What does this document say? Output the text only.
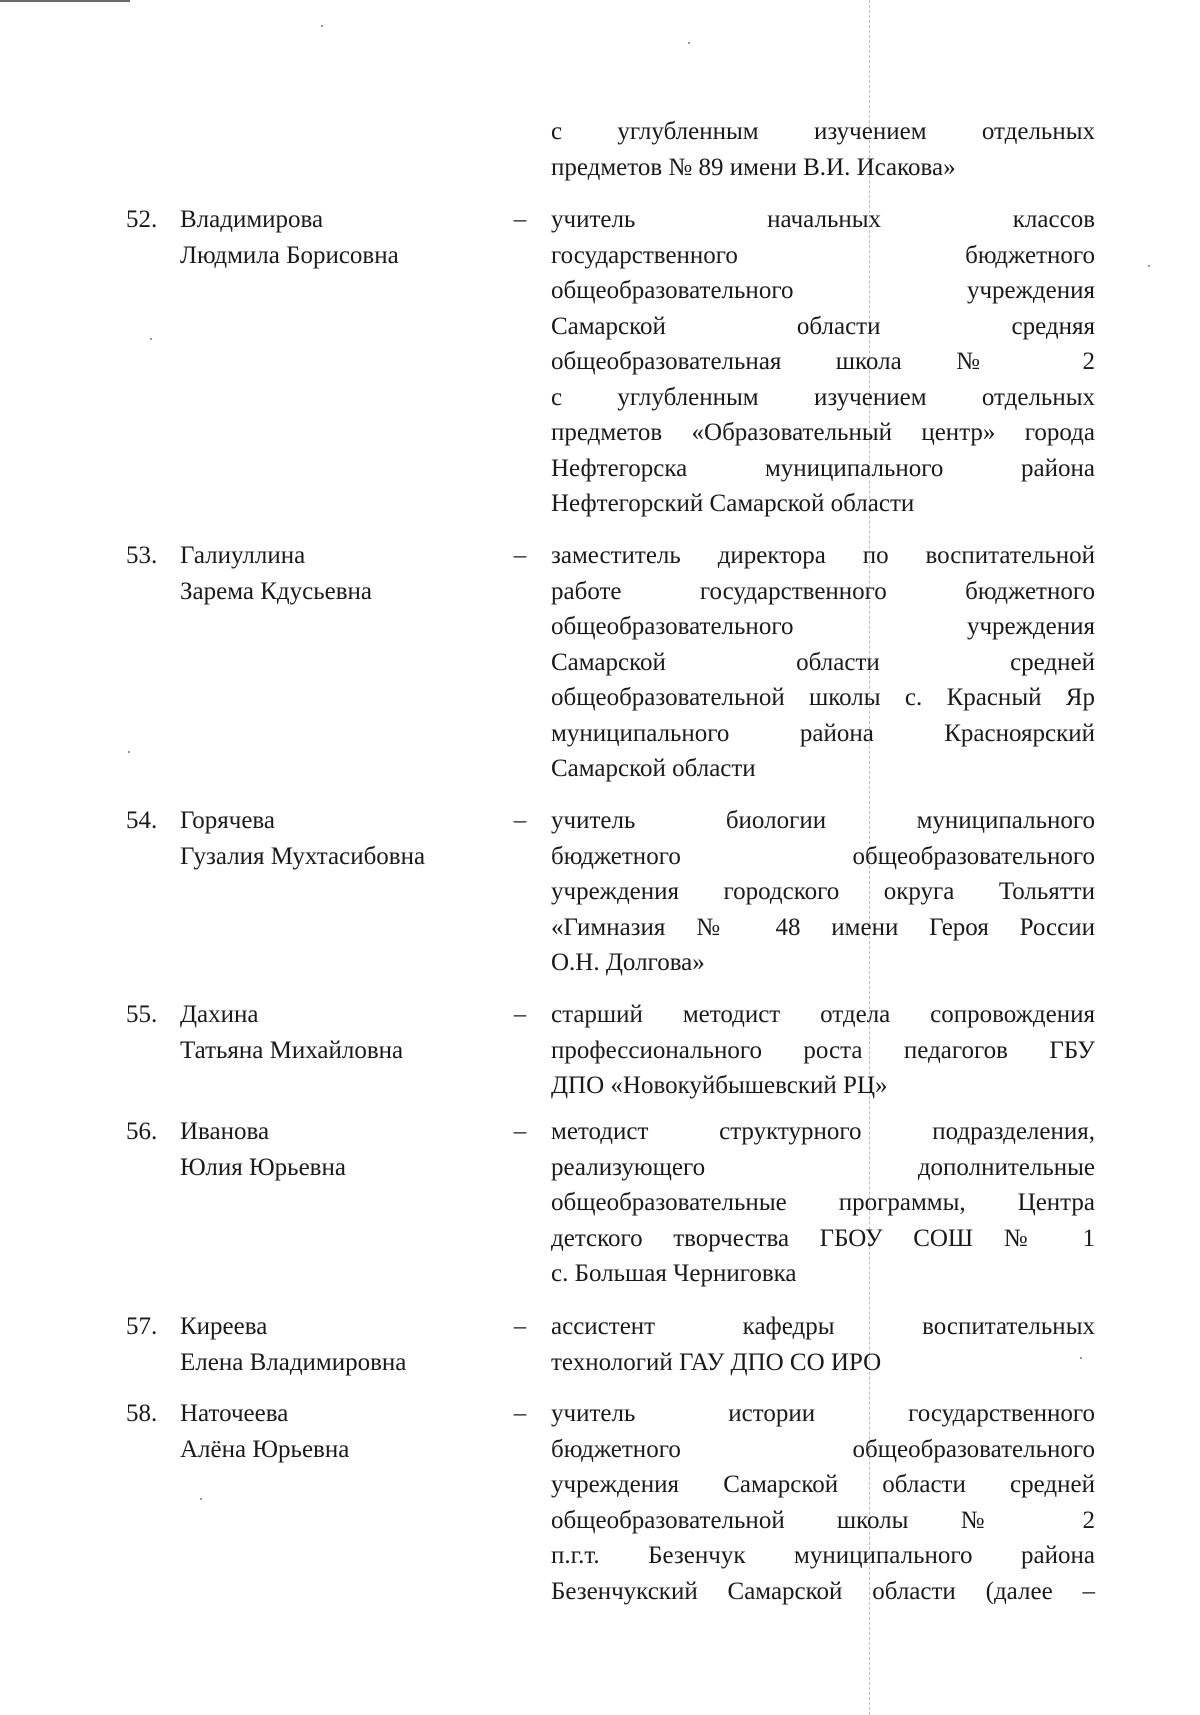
с углубленным изучением отдельных
предметов № 89 имени В.И. Исакова»
52. Владимирова
Людмила Борисовна
– учитель начальных классов
государственного бюджетного
общеобразовательного учреждения
Самарской области средняя
общеобразовательная школа № 2
с углубленным изучением отдельных
предметов «Образовательный центр» города
Нефтегорска муниципального района
Нефтегорский Самарской области
53. Галиуллина
Зарема Кдусьевна
– заместитель директора по воспитательной
работе государственного бюджетного
общеобразовательного учреждения
Самарской области средней
общеобразовательной школы с. Красный Яр
муниципального района Красноярский
Самарской области
54. Горячева
Гузалия Мухтасибовна
– учитель биологии муниципального
бюджетного общеобразовательного
учреждения городского округа Тольятти
«Гимназия № 48 имени Героя России
О.Н. Долгова»
55. Дахина
Татьяна Михайловна
– старший методист отдела сопровождения
профессионального роста педагогов ГБУ
ДПО «Новокуйбышевский РЦ»
56. Иванова
Юлия Юрьевна
– методист структурного подразделения,
реализующего дополнительные
общеобразовательные программы, Центра
детского творчества ГБОУ СОШ № 1
с. Большая Черниговка
57. Киреева
Елена Владимировна
– ассистент кафедры воспитательных
технологий ГАУ ДПО СО ИРО
58. Наточеева
Алёна Юрьевна
– учитель истории государственного
бюджетного общеобразовательного
учреждения Самарской области средней
общеобразовательной школы № 2
п.г.т. Безенчук муниципального района
Безенчукский Самарской области (далее –
